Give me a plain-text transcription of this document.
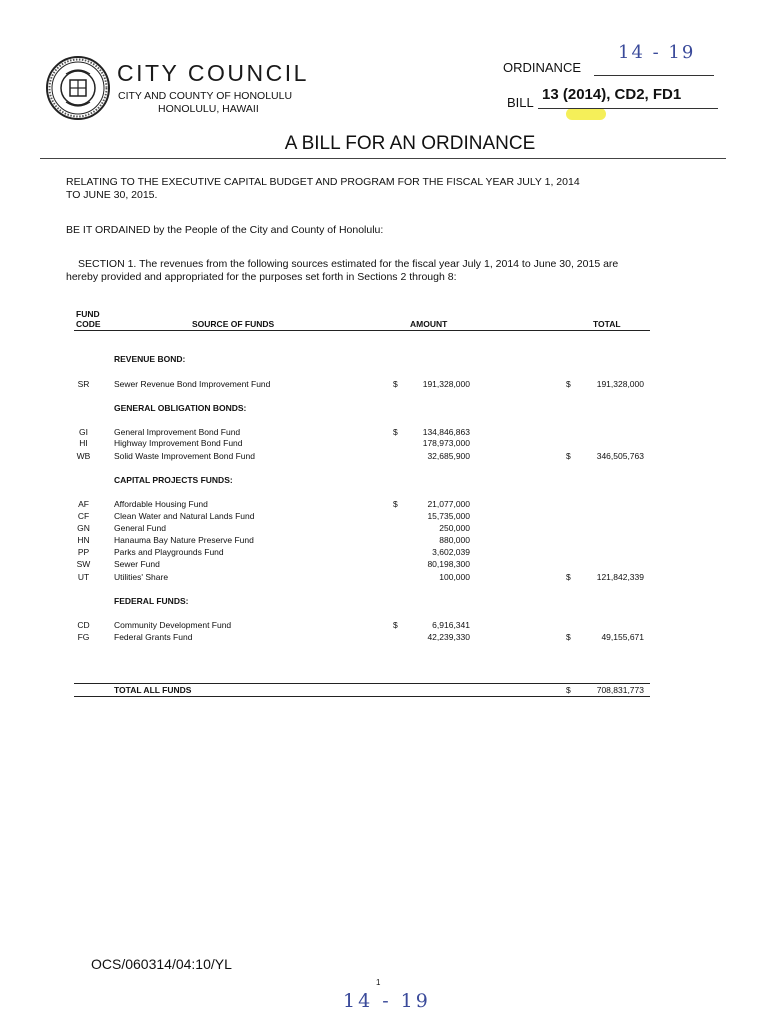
CITY COUNCIL
CITY AND COUNTY OF HONOLULU
HONOLULU, HAWAII
ORDINANCE
14 - 19
BILL 13 (2014), CD2, FD1
A BILL FOR AN ORDINANCE
RELATING TO THE EXECUTIVE CAPITAL BUDGET AND PROGRAM FOR THE FISCAL YEAR JULY 1, 2014 TO JUNE 30, 2015.
BE IT ORDAINED by the People of the City and County of Honolulu:
SECTION 1. The revenues from the following sources estimated for the fiscal year July 1, 2014 to June 30, 2015 are hereby provided and appropriated for the purposes set forth in Sections 2 through 8:
FUND
CODE	SOURCE OF FUNDS	AMOUNT	TOTAL
REVENUE BOND:
SR	Sewer Revenue Bond Improvement Fund	$	191,328,000	$	191,328,000
GENERAL OBLIGATION BONDS:
GI	General Improvement Bond Fund	$	134,846,863
HI	Highway Improvement Bond Fund	178,973,000
WB	Solid Waste Improvement Bond Fund	32,685,900	$	346,505,763
CAPITAL PROJECTS FUNDS:
AF	Affordable Housing Fund	$	21,077,000
CF	Clean Water and Natural Lands Fund	15,735,000
GN	General Fund	250,000
HN	Hanauma Bay Nature Preserve Fund	880,000
PP	Parks and Playgrounds Fund	3,602,039
SW	Sewer Fund	80,198,300
UT	Utilities' Share	100,000	$	121,842,339
FEDERAL FUNDS:
CD	Community Development Fund	$	6,916,341
FG	Federal Grants Fund	42,239,330	$	49,155,671
TOTAL ALL FUNDS	$	708,831,773
OCS/060314/04:10/YL
1
14 - 19
